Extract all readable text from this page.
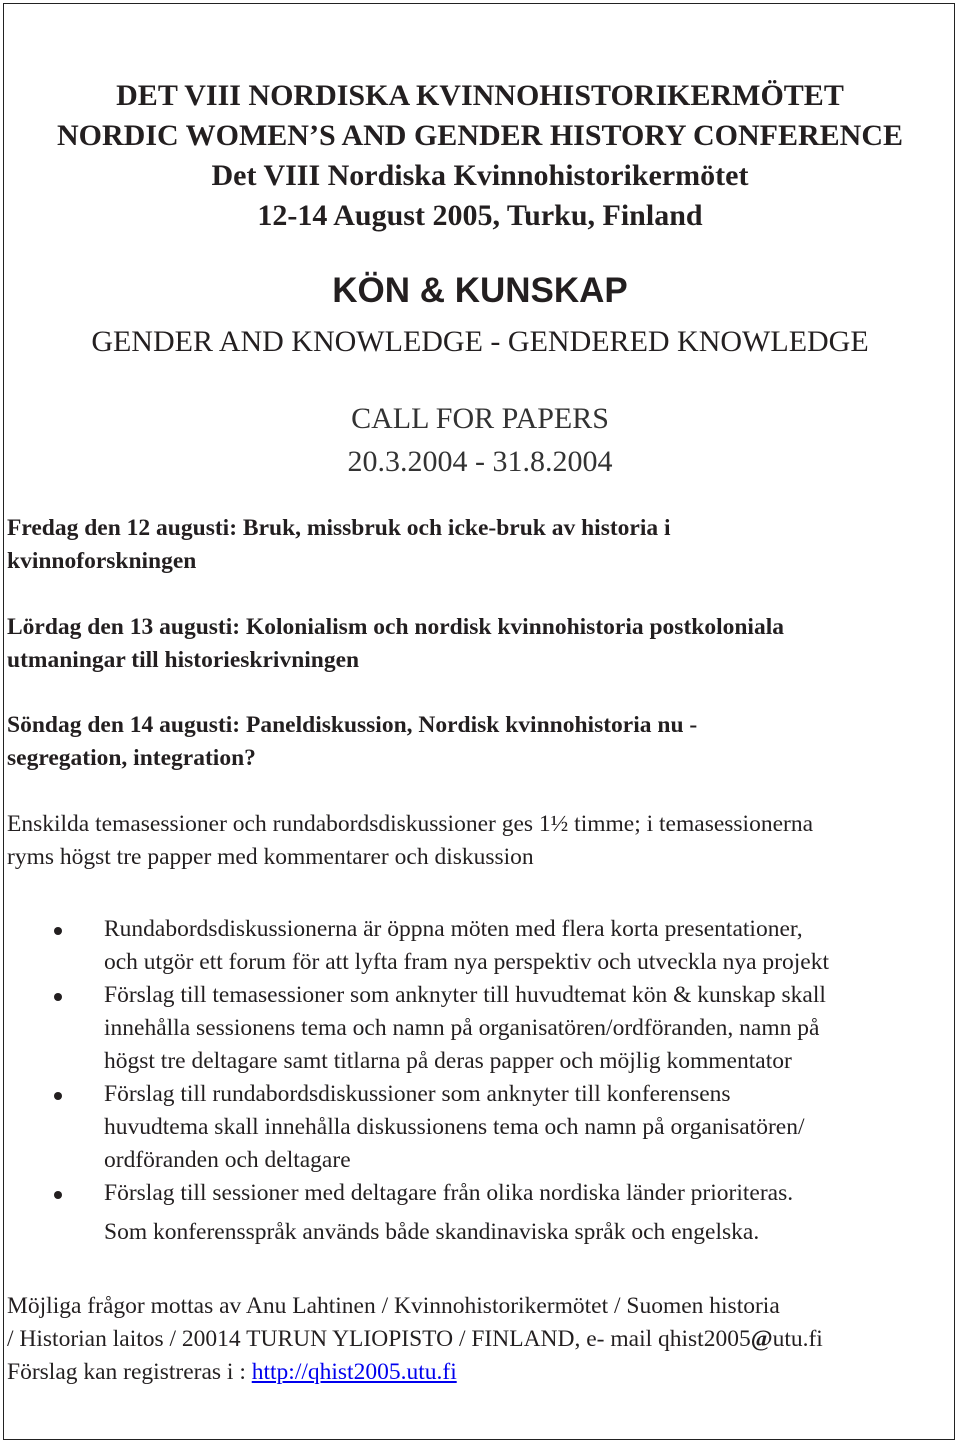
DET VIII NORDISKA KVINNOHISTORIKERMÖTET
NORDIC WOMEN’S AND GENDER HISTORY CONFERENCE
Det VIII Nordiska Kvinnohistorikermötet
12-14 August 2005, Turku, Finland
KÖN & KUNSKAP
GENDER AND KNOWLEDGE - GENDERED KNOWLEDGE
CALL FOR PAPERS
20.3.2004 - 31.8.2004
Fredag den 12 augusti: Bruk, missbruk och icke-bruk av historia i
kvinnoforskningen
Lördag den 13 augusti: Kolonialism och nordisk kvinnohistoria postkoloniala
utmaningar till historieskrivningen
Söndag den 14 augusti: Paneldiskussion, Nordisk kvinnohistoria nu -
segregation, integration?
Enskilda temasessioner och rundabordsdiskussioner ges 1½ timme; i temasessionerna
ryms högst tre papper med kommentarer och diskussion
Rundabordsdiskussionerna är öppna möten med flera korta presentationer,
och utgör ett forum för att lyfta fram nya perspektiv och utveckla nya projekt
Förslag till temasessioner som anknyter till huvudtemat kön & kunskap skall
innehålla sessionens tema och namn på organisatören/ordföranden, namn på
högst tre deltagare samt titlarna på deras papper och möjlig kommentator
Förslag till rundabordsdiskussioner som anknyter till konferensens
huvudtema skall innehålla diskussionens tema och namn på organisatören/
ordföranden och deltagare
Förslag till sessioner med deltagare från olika nordiska länder prioriteras.
Som konferensspråk används både skandinaviska språk och engelska.
Möjliga frågor mottas av Anu Lahtinen / Kvinnohistorikermötet / Suomen historia
/ Historian laitos / 20014 TURUN YLIOPISTO / FINLAND, e- mail qhist2005@utu.fi
Förslag kan registreras i : http://qhist2005.utu.fi
